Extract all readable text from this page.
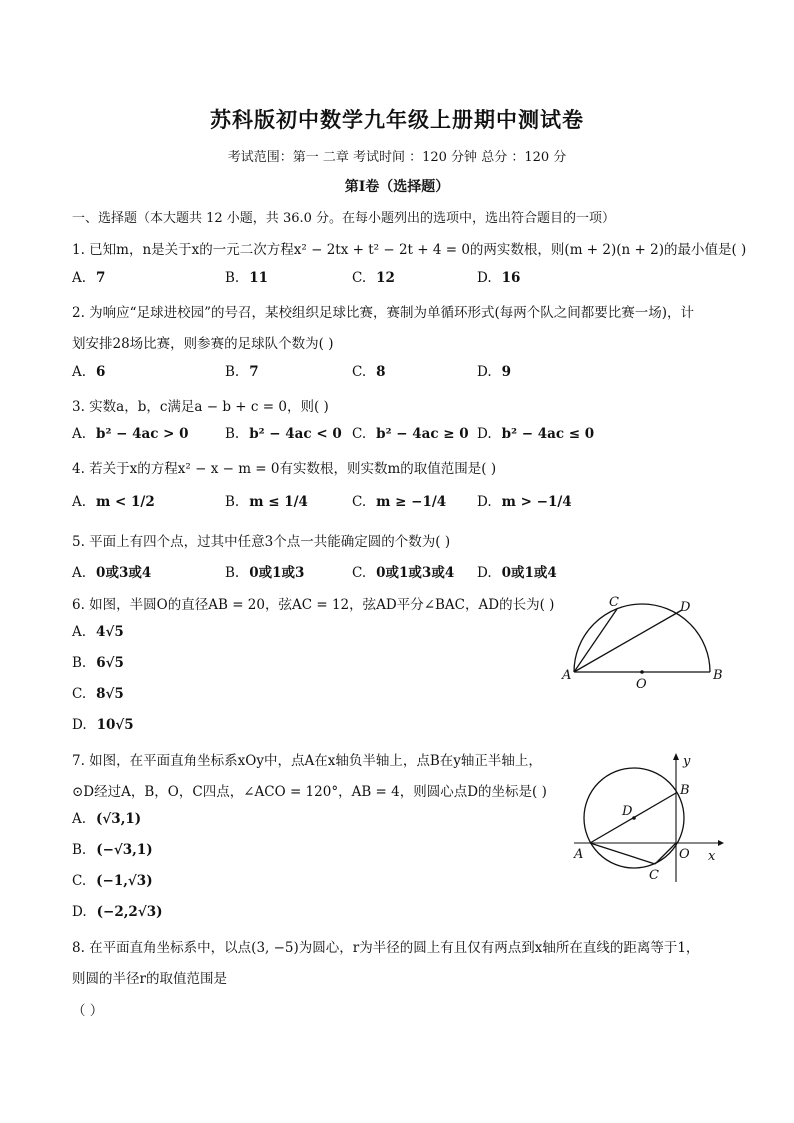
苏科版初中数学九年级上册期中测试卷
考试范围：第一 二章 考试时间 ：120 分钟 总分 ：120 分
第Ⅰ卷（选择题）
一、选择题（本大题共 12 小题，共 36.0 分。在每小题列出的选项中，选出符合题目的一项）
1. 已知m，n是关于x的一元二次方程x² − 2tx + t² − 2t + 4 = 0的两实数根，则(m + 2)(n + 2)的最小值是( )
A. 7	B. 11	C. 12	D. 16
2. 为响应“足球进校园”的号召，某校组织足球比赛，赛制为单循环形式(每两个队之间都要比赛一场)，计
划安排28场比赛，则参赛的足球队个数为( )
A. 6	B. 7	C. 8	D. 9
3. 实数a，b，c满足a − b + c = 0，则( )
A. b² − 4ac > 0	B. b² − 4ac < 0 C. b² − 4ac ≥ 0 D. b² − 4ac ≤ 0
4. 若关于x的方程x² − x − m = 0有实数根，则实数m的取值范围是( )
A. m < 1/2	B. m ≤ 1/4	C. m ≥ −1/4 D. m > −1/4
5. 平面上有四个点，过其中任意3个点一共能确定圆的个数为( )
A. 0或3或4	B. 0或1或3	C. 0或1或3或4 D. 0或1或4
6. 如图，半圆O的直径AB = 20，弦AC = 12，弦AD平分∠BAC，AD的长为( )
A. 4√5
B. 6√5
C. 8√5
D. 10√5
A	B
C	D
O
7. 如图，在平面直角坐标系xOy中，点A在x轴负半轴上，点B在y轴正半轴上，
⊙D经过A，B，O，C四点，∠ACO = 120°，AB = 4，则圆心点D的坐标是( )
A. (√3,1)
B. (−√3,1)
C. (−1,√3)
D. (−2,2√3)
A
B
C
D
O x
y
8. 在平面直角坐标系中，以点(3, −5)为圆心，r为半径的圆上有且仅有两点到x轴所在直线的距离等于1，
则圆的半径r的取值范围是
（ ）
